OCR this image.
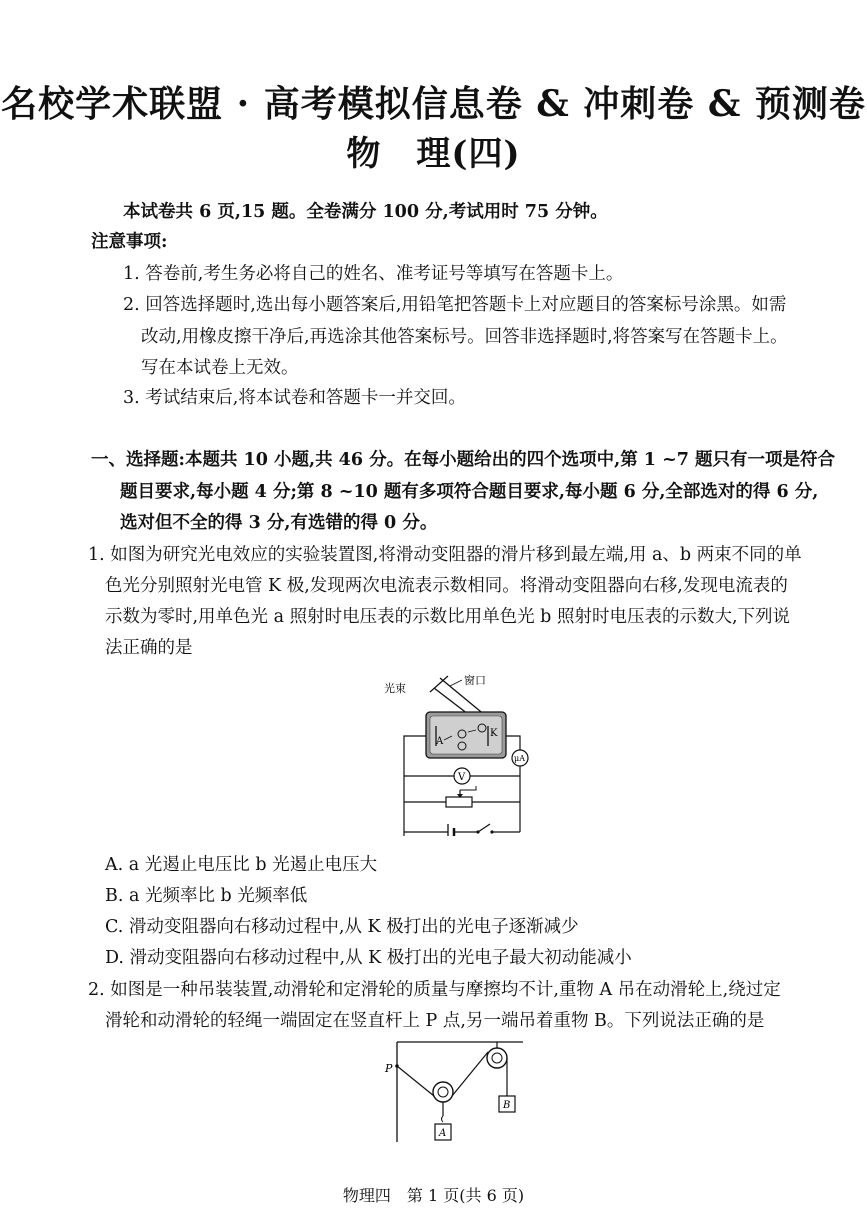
名校学术联盟 · 高考模拟信息卷 & 冲刺卷 & 预测卷
物　理(四)
本试卷共 6 页,15 题。全卷满分 100 分,考试用时 75 分钟。
注意事项:
1. 答卷前,考生务必将自己的姓名、准考证号等填写在答题卡上。
2. 回答选择题时,选出每小题答案后,用铅笔把答题卡上对应题目的答案标号涂黑。如需
改动,用橡皮擦干净后,再选涂其他答案标号。回答非选择题时,将答案写在答题卡上。
写在本试卷上无效。
3. 考试结束后,将本试卷和答题卡一并交回。
一、选择题:本题共 10 小题,共 46 分。在每小题给出的四个选项中,第 1 ~7 题只有一项是符合
题目要求,每小题 4 分;第 8 ~10 题有多项符合题目要求,每小题 6 分,全部选对的得 6 分,
选对但不全的得 3 分,有选错的得 0 分。
1. 如图为研究光电效应的实验装置图,将滑动变阻器的滑片移到最左端,用 a、b 两束不同的单
色光分别照射光电管 K 极,发现两次电流表示数相同。将滑动变阻器向右移,发现电流表的
示数为零时,用单色光 a 照射时电压表的示数比用单色光 b 照射时电压表的示数大,下列说
法正确的是
光束
窗口
A
K
μA
V
A. a 光遏止电压比 b 光遏止电压大
B. a 光频率比 b 光频率低
C. 滑动变阻器向右移动过程中,从 K 极打出的光电子逐渐减少
D. 滑动变阻器向右移动过程中,从 K 极打出的光电子最大初动能减小
2. 如图是一种吊装装置,动滑轮和定滑轮的质量与摩擦均不计,重物 A 吊在动滑轮上,绕过定
滑轮和动滑轮的轻绳一端固定在竖直杆上 P 点,另一端吊着重物 B。下列说法正确的是
P
A
B
物理四　第 1 页(共 6 页)
